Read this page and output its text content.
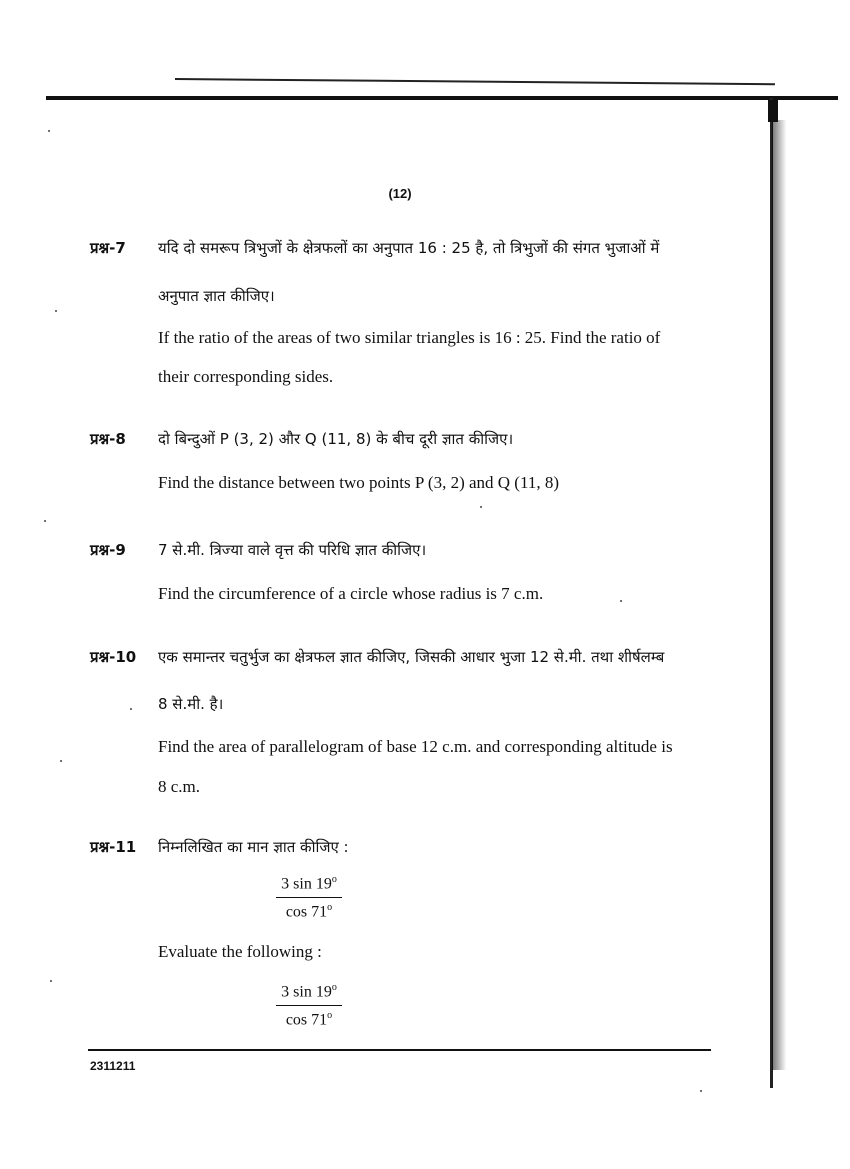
(12)
प्रश्न-7 यदि दो समरूप त्रिभुजों के क्षेत्रफलों का अनुपात 16 : 25 है, तो त्रिभुजों की संगत भुजाओं में
अनुपात ज्ञात कीजिए।
If the ratio of the areas of two similar triangles is 16 : 25. Find the ratio of
their corresponding sides.
प्रश्न-8 दो बिन्दुओं P (3, 2) और Q (11, 8) के बीच दूरी ज्ञात कीजिए।
Find the distance between two points P (3, 2) and Q (11, 8)
प्रश्न-9 7 से.मी. त्रिज्या वाले वृत्त की परिधि ज्ञात कीजिए।
Find the circumference of a circle whose radius is 7 c.m.
प्रश्न-10 एक समान्तर चतुर्भुज का क्षेत्रफल ज्ञात कीजिए, जिसकी आधार भुजा 12 से.मी. तथा शीर्षलम्ब
8 से.मी. है।
Find the area of parallelogram of base 12 c.m. and corresponding altitude is
8 c.m.
प्रश्न-11 निम्नलिखित का मान ज्ञात कीजिए :
$\frac{3 \sin 19^o}{\cos 71^o}$
Evaluate the following :
$\frac{3 \sin 19^o}{\cos 71^o}$
2311211
